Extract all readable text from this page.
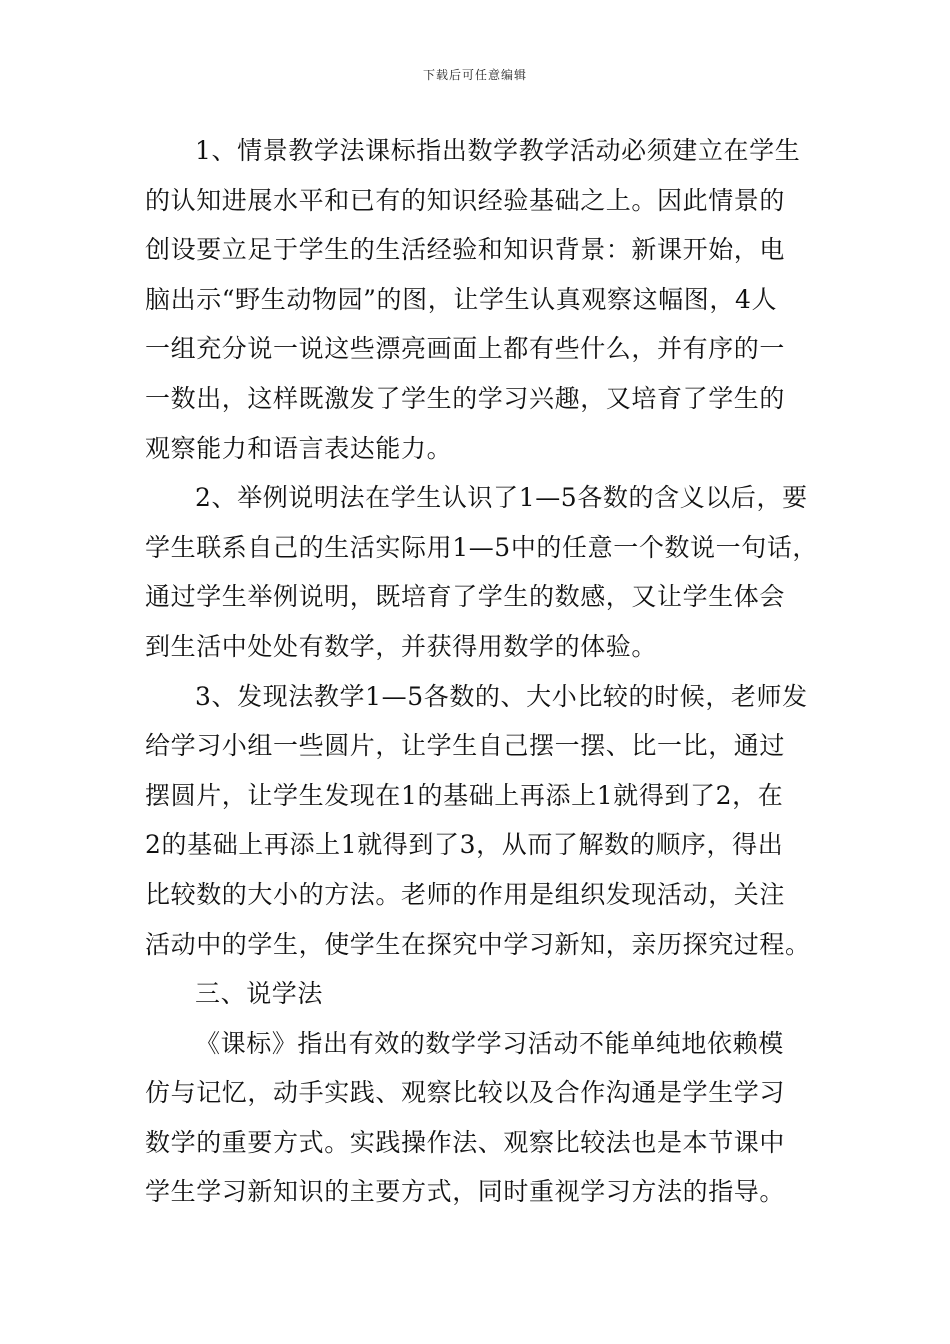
下载后可任意编辑
1、情景教学法课标指出数学教学活动必须建立在学生
的认知进展水平和已有的知识经验基础之上。因此情景的
创设要立足于学生的生活经验和知识背景：新课开始，电
脑出示“野生动物园”的图，让学生认真观察这幅图，4人
一组充分说一说这些漂亮画面上都有些什么，并有序的一
一数出，这样既激发了学生的学习兴趣，又培育了学生的
观察能力和语言表达能力。
2、举例说明法在学生认识了1—5各数的含义以后，要
学生联系自己的生活实际用1—5中的任意一个数说一句话，
通过学生举例说明，既培育了学生的数感，又让学生体会
到生活中处处有数学，并获得用数学的体验。
3、发现法教学1—5各数的、大小比较的时候，老师发
给学习小组一些圆片，让学生自己摆一摆、比一比，通过
摆圆片，让学生发现在1的基础上再添上1就得到了2，在
2的基础上再添上1就得到了3，从而了解数的顺序，得出
比较数的大小的方法。老师的作用是组织发现活动，关注
活动中的学生，使学生在探究中学习新知，亲历探究过程。
三、说学法
《课标》指出有效的数学学习活动不能单纯地依赖模
仿与记忆，动手实践、观察比较以及合作沟通是学生学习
数学的重要方式。实践操作法、观察比较法也是本节课中
学生学习新知识的主要方式，同时重视学习方法的指导。
